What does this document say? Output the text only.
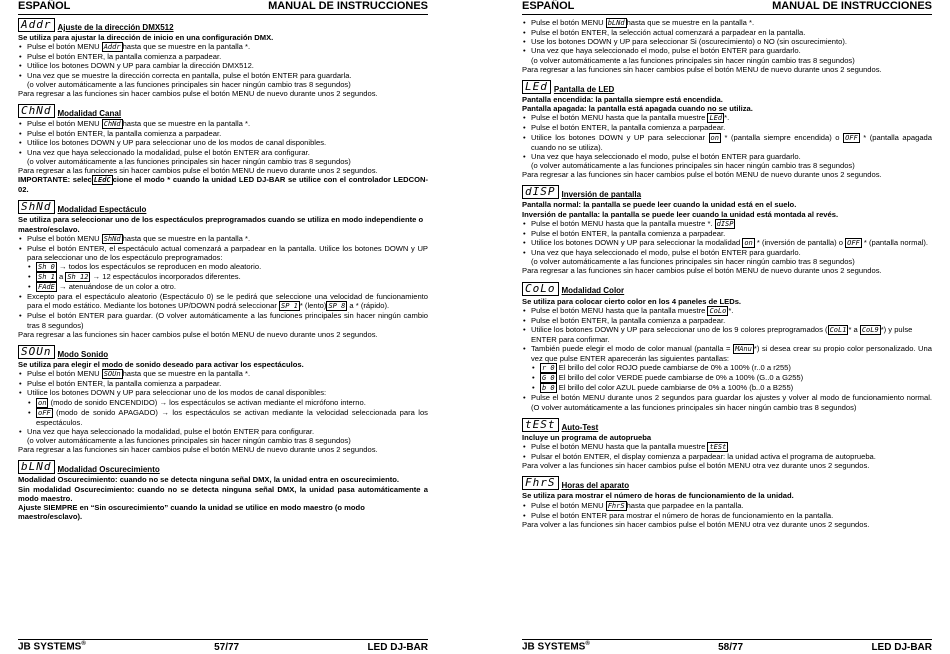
ESPAÑOL	MANUAL DE INSTRUCCIONES
Addr Ajuste de la dirección DMX512
Se utiliza para ajustar la dirección de inicio en una configuración DMX.
• Pulse el botón MENU Addr hasta que se muestre en la pantalla *.
• Pulse el botón ENTER, la pantalla comienza a parpadear.
• Utilice los botones DOWN y UP para cambiar la dirección DMX512.
• Una vez que se muestre la dirección correcta en pantalla, pulse el botón ENTER para guardarla.
(o volver automáticamente a las funciones principales sin hacer ningún cambio tras 8 segundos)
Para regresar a las funciones sin hacer cambios pulse el botón MENU de nuevo durante unos 2 segundos.
ChNd Modalidad Canal
• Pulse el botón MENU ChNd hasta que se muestre en la pantalla *.
• Pulse el botón ENTER, la pantalla comienza a parpadear.
• Utilice los botones DOWN y UP para seleccionar uno de los modos de canal disponibles.
• Una vez que haya seleccionado la modalidad, pulse el botón ENTER ara configurar.
(o volver automáticamente a las funciones principales sin hacer ningún cambio tras 8 segundos)
Para regresar a las funciones sin hacer cambios pulse el botón MENU de nuevo durante unos 2 segundos.
IMPORTANTE: selec LEdC cione el modo * cuando la unidad LED DJ-BAR se utilice con el controlador LEDCON-02.
ShNd Modalidad Espectáculo
Se utiliza para seleccionar uno de los espectáculos preprogramados cuando se utiliza en modo independiente o maestro/esclavo.
• Pulse el botón MENU ShNd hasta que se muestre en la pantalla *.
• Pulse el botón ENTER, el espectáculo actual comenzará a parpadear en la pantalla. Utilice los botones DOWN y UP para seleccionar uno de los espectáculo preprogramados:
• Sh 0 → todos los espectáculos se reproducen en modo aleatorio.
• Sh 1 a Sh 12 → 12 espectáculos incorporados diferentes.
• FAdE → atenuándose de un color a otro.
• Excepto para el espectáculo aleatorio (Espectáculo 0) se le pedirá que seleccione una velocidad de funcionamiento para el modo estático. Mediante los botones UP/DOWN podrá seleccionar SP 1 * (lento) SP 8 a * (rápido).
• Pulse el botón ENTER para guardar. (O volver automáticamente a las funciones principales sin hacer ningún cambio tras 8 segundos)
Para regresar a las funciones sin hacer cambios pulse el botón MENU de nuevo durante unos 2 segundos.
SOUn Modo Sonido
Se utiliza para elegir el modo de sonido deseado para activar los espectáculos.
• Pulse el botón MENU SOUn hasta que se muestre en la pantalla *.
• Pulse el botón ENTER, la pantalla comienza a parpadear.
• Utilice los botones DOWN y UP para seleccionar uno de los modos de canal disponibles:
• on (modo de sonido ENCENDIDO) → los espectáculos se activan mediante el micrófono interno.
• oFF (modo de sonido APAGADO) → los espectáculos se activan mediante la velocidad seleccionada para los espectáculos.
• Una vez que haya seleccionado la modalidad, pulse el botón ENTER para configurar.
(o volver automáticamente a las funciones principales sin hacer ningún cambio tras 8 segundos)
Para regresar a las funciones sin hacer cambios pulse el botón MENU de nuevo durante unos 2 segundos.
bLNd Modalidad Oscurecimiento
Modalidad Oscurecimiento: cuando no se detecta ninguna señal DMX, la unidad entra en oscurecimiento.
Sin modalidad Oscurecimiento: cuando no se detecta ninguna señal DMX, la unidad pasa automáticamente a modo maestro.
Ajuste SIEMPRE en “Sin oscurecimiento” cuando la unidad se utilice en modo maestro (o modo maestro/esclavo).
JB SYSTEMS®	57/77	LED DJ-BAR
ESPAÑOL	MANUAL DE INSTRUCCIONES
• Pulse el botón MENU bLNd hasta que se muestre en la pantalla *.
• Pulse el botón ENTER, la selección actual comenzará a parpadear en la pantalla.
• Use los botones DOWN y UP para seleccionar Si (oscurecimiento) o NO (sin oscurecimiento).
• Una vez que haya seleccionado el modo, pulse el botón ENTER para guardarlo.
(o volver automáticamente a las funciones principales sin hacer ningún cambio tras 8 segundos)
Para regresar a las funciones sin hacer cambios pulse el botón MENU de nuevo durante unos 2 segundos.
LEd Pantalla de LED
Pantalla encendida: la pantalla siempre está encendida.
Pantalla apagada: la pantalla está apagada cuando no se utiliza.
• Pulse el botón MENU hasta que la pantalla muestre LEd *.
• Pulse el botón ENTER, la pantalla comienza a parpadear.
• Utilice los botones DOWN y UP para seleccionar on * (pantalla siempre encendida) o OFF * (pantalla apagada cuando no se utiliza).
• Una vez que haya seleccionado el modo, pulse el botón ENTER para guardarlo.
(o volver automáticamente a las funciones principales sin hacer ningún cambio tras 8 segundos)
Para regresar a las funciones sin hacer cambios pulse el botón MENU de nuevo durante unos 2 segundos.
dISP Inversión de pantalla
Pantalla normal: la pantalla se puede leer cuando la unidad está en el suelo.
Inversión de pantalla: la pantalla se puede leer cuando la unidad está montada al revés.
• Pulse el botón MENU hasta que la pantalla muestre *. dISP
• Pulse el botón ENTER, la pantalla comienza a parpadear.
• Utilice los botones DOWN y UP para seleccionar la modalidad on * (inversión de pantalla) o OFF * (pantalla normal).
• Una vez que haya seleccionado el modo, pulse el botón ENTER para guardarlo.
(o volver automáticamente a las funciones principales sin hacer ningún cambio tras 8 segundos)
Para regresar a las funciones sin hacer cambios pulse el botón MENU de nuevo durante unos 2 segundos.
CoLo Modalidad Color
Se utiliza para colocar cierto color en los 4 paneles de LEDs.
• Pulse el botón MENU hasta que la pantalla muestre CoLo *.
• Pulse el botón ENTER, la pantalla comienza a parpadear.
• Utilice los botones DOWN y UP para seleccionar uno de los 9 colores preprogramados ( CoL1 * a CoL9 *) y pulse ENTER para confirmar.
• También puede elegir el modo de color manual (pantalla = MAnu *) si desea crear su propio color personalizado. Una vez que pulse ENTER aparecerán las siguientes pantallas:
• r 0 El brillo del color ROJO puede cambiarse de 0% a 100% (r..0 a r255)
• G 0 El brillo del color VERDE puede cambiarse de 0% a 100% (G..0 a G255)
• b 0 El brillo del color AZUL puede cambiarse de 0% a 100% (b..0 a B255)
• Pulse el botón MENU durante unos 2 segundos para guardar los ajustes y volver al modo de funcionamiento normal. (O volver automáticamente a las funciones principales sin hacer ningún cambio tras 8 segundos)
tESt Auto-Test
Incluye un programa de autoprueba
• Pulse el botón MENU hasta que la pantalla muestre tESt
• Pulsar el botón ENTER, el display comienza a parpadear: la unidad activa el programa de autoprueba.
Para volver a las funciones sin hacer cambios pulse el botón MENU otra vez durante unos 2 segundos.
FhrS Horas del aparato
Se utiliza para mostrar el número de horas de funcionamiento de la unidad.
• Pulse el botón MENU FhrS hasta que parpadee en la pantalla.
• Pulse el botón ENTER para mostrar el número de horas de funcionamiento en la pantalla.
Para volver a las funciones sin hacer cambios pulse el botón MENU otra vez durante unos 2 segundos.
JB SYSTEMS®	58/77	LED DJ-BAR
